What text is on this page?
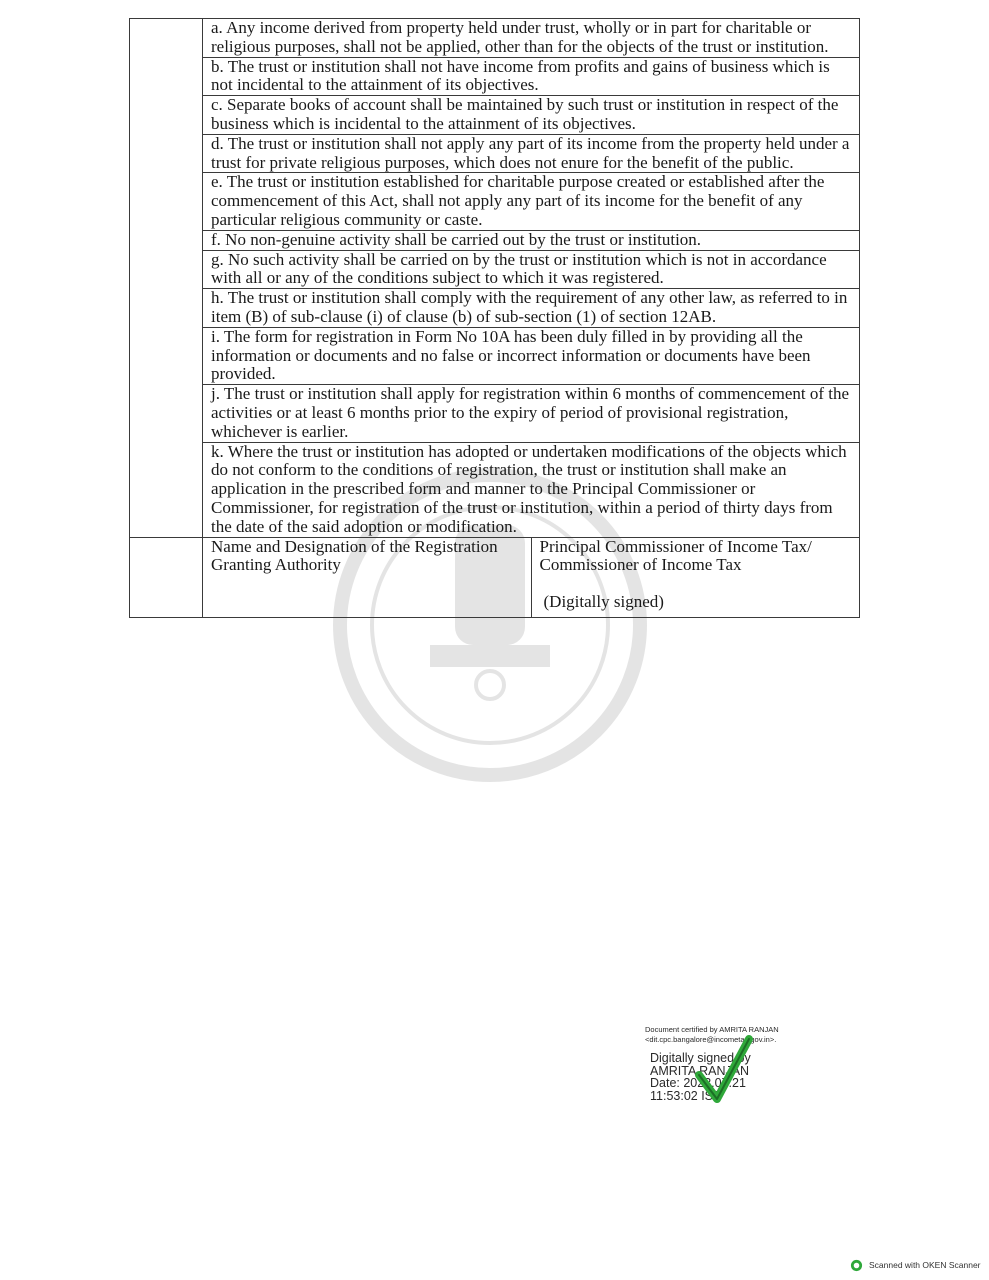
	a. Any income derived from property held under trust, wholly or in part for charitable or religious purposes, shall not be applied, other than for the objects of the trust or institution.	
	b. The trust or institution shall not have income from profits and gains of business which is not incidental to the attainment of its objectives.	
	c. Separate books of account shall be maintained by such trust or institution in respect of the business which is incidental to the attainment of its objectives.	
	d. The trust or institution shall not apply any part of its income from the property held under a trust for private religious purposes, which does not enure for the benefit of the public.	
	e. The trust or institution established for charitable purpose created or established after the commencement of this Act, shall not apply any part of its income for the benefit of any particular religious community or caste.	
	f. No non-genuine activity shall be carried out by the trust or institution.	
	g. No such activity shall be carried on by the trust or institution which is not in accordance with all or any of the conditions subject to which it was registered.	
	h. The trust or institution shall comply with the requirement of any other law, as referred to in item (B) of sub-clause (i) of clause (b) of sub-section (1) of section 12AB.	
	i. The form for registration in Form No 10A has been duly filled in by providing all the information or documents and no false or incorrect information or documents have been provided.	
	j. The trust or institution shall apply for registration within 6 months of commencement of the activities or at least 6 months prior to the expiry of period of provisional registration, whichever is earlier.	
	k. Where the trust or institution has adopted or undertaken modifications of the objects which do not conform to the conditions of registration, the trust or institution shall make an application in the prescribed form and manner to the Principal Commissioner or Commissioner, for registration of the trust or institution, within a period of thirty days from the date of the said adoption or modification.	
	Name and Designation of the Registration Granting Authority	Principal Commissioner of Income Tax/ Commissioner of Income Tax
(Digitally signed)
Document certified by AMRITA RANJAN
<dit.cpc.bangalore@incometax.gov.in>.
Digitally signed by
AMRITA RANJAN
Date: 2023.07.21
11:53:02 IST
Scanned with OKEN Scanner
